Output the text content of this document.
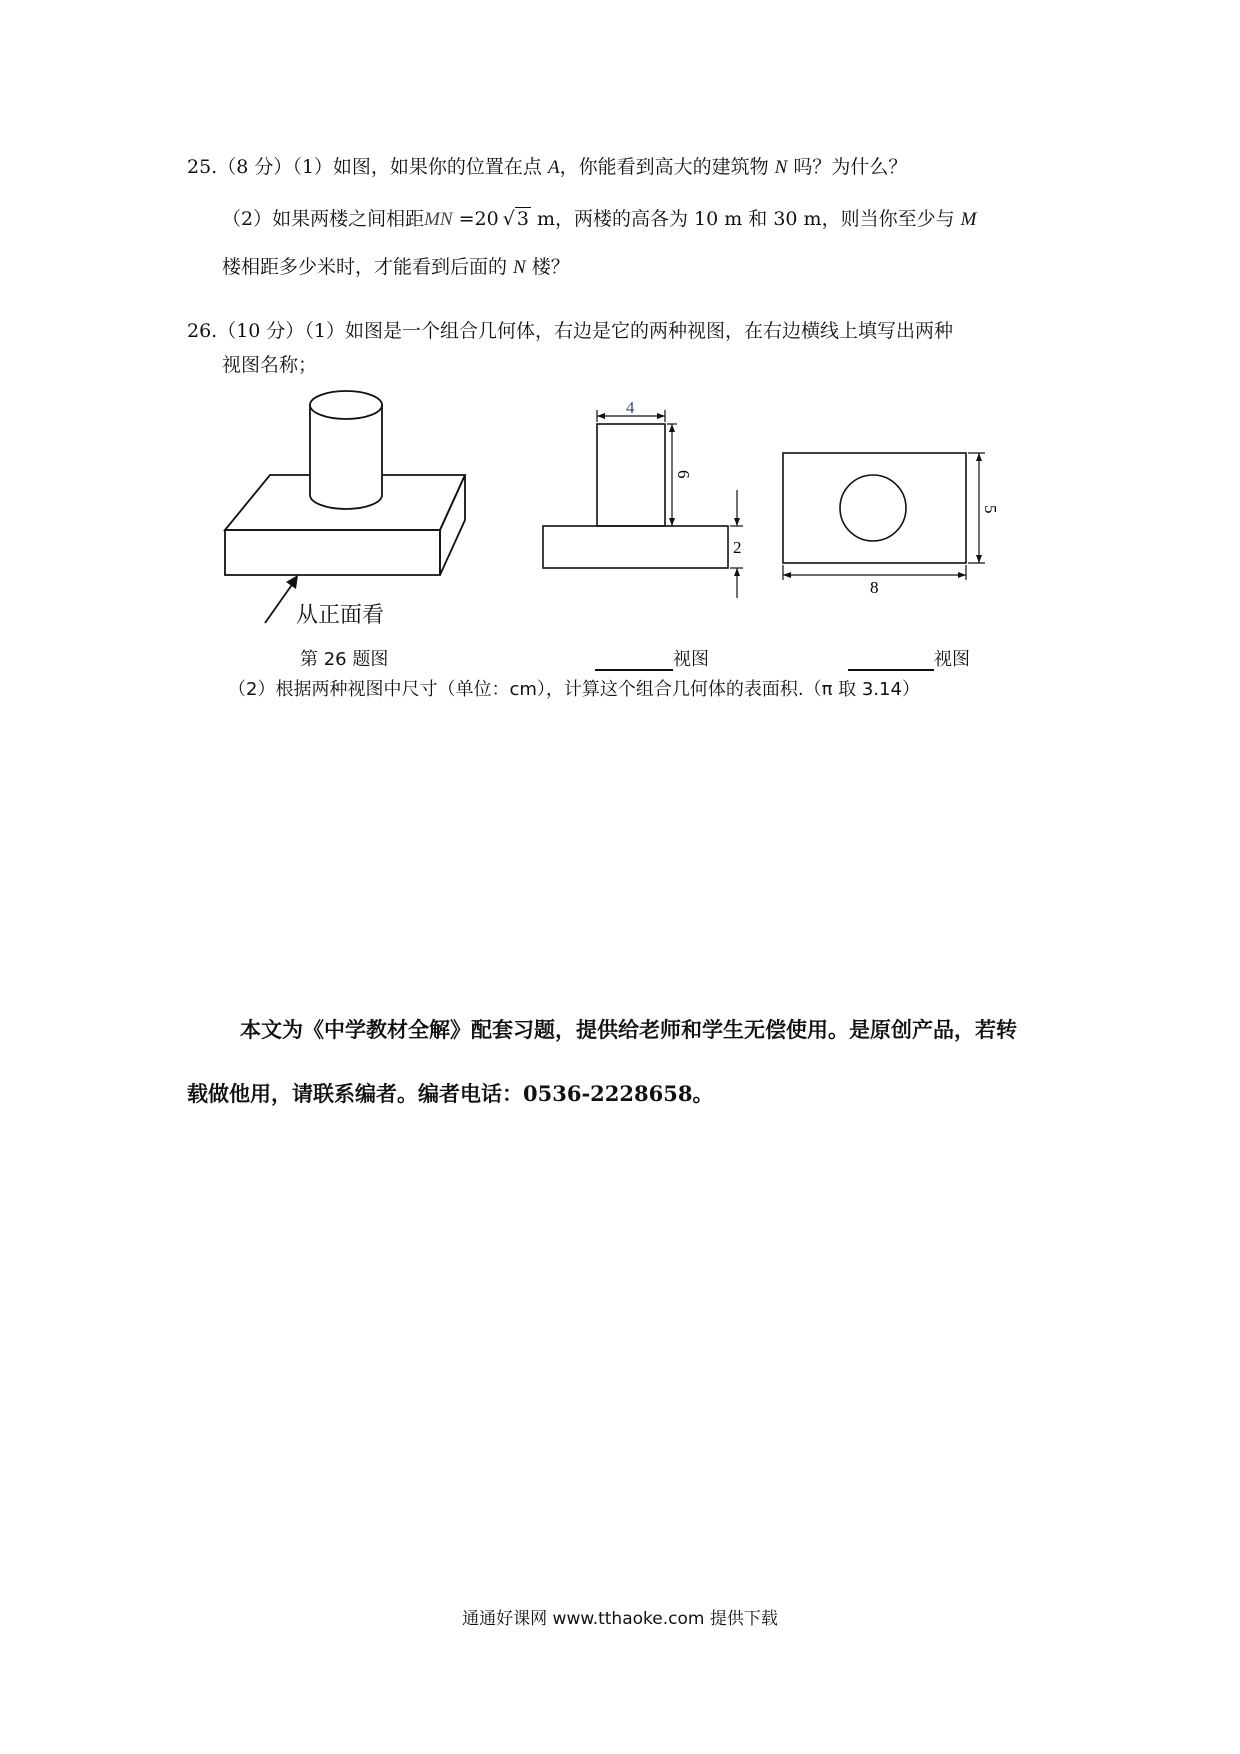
25.（8 分）（1）如图，如果你的位置在点 A，你能看到高大的建筑物 N 吗？为什么？
（2）如果两楼之间相距MN =20 √ 3 m，两楼的高各为 10 m 和 30 m，则当你至少与 M
楼相距多少米时，才能看到后面的 N 楼？
26.（10 分）（1）如图是一个组合几何体，右边是它的两种视图，在右边横线上填写出两种
视图名称；
从正面看
4
6
2
5
8
第 26 题图	视图	视图
（2）根据两种视图中尺寸（单位：cm），计算这个组合几何体的表面积.（π 取 3.14）
本文为《中学教材全解》配套习题，提供给老师和学生无偿使用。是原创产品，若转
载做他用，请联系编者。编者电话：0536-2228658。
通通好课网 www.tthaoke.com 提供下载
